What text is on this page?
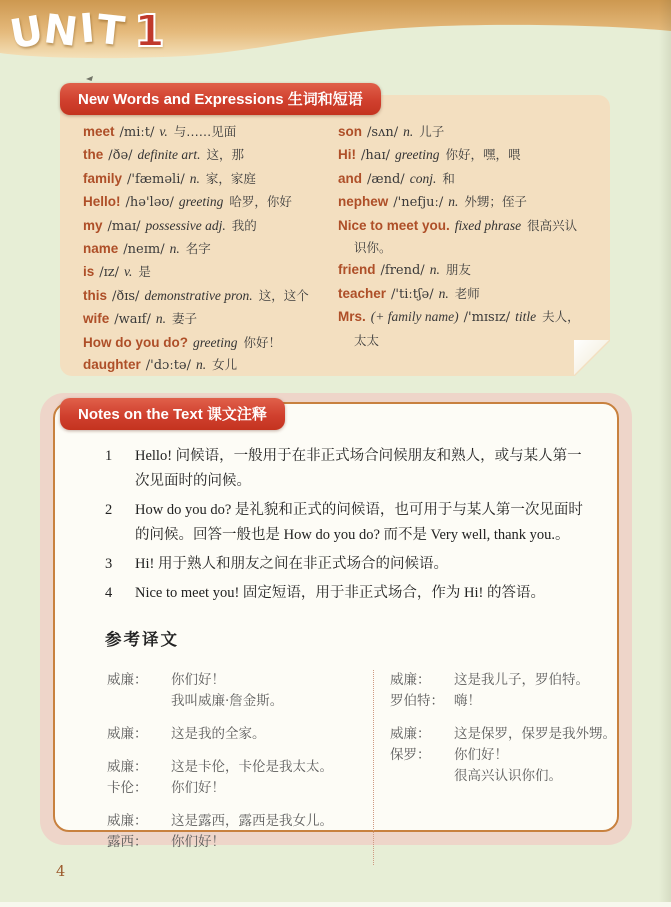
UNIT 1
New Words and Expressions 生词和短语
meet /miːt/ v. 与……见面
the /ðə/ definite art. 这，那
family /'fæməli/ n. 家，家庭
Hello! /hə'ləʊ/ greeting 哈罗，你好
my /maɪ/ possessive adj. 我的
name /neɪm/ n. 名字
is /ɪz/ v. 是
this /ðɪs/ demonstrative pron. 这，这个
wife /waɪf/ n. 妻子
How do you do? greeting 你好！
daughter /'dɔːtə/ n. 女儿
son /sʌn/ n. 儿子
Hi! /haɪ/ greeting 你好，嘿，喂
and /ænd/ conj. 和
nephew /'nefjuː/ n. 外甥；侄子
Nice to meet you. fixed phrase 很高兴认
识你。
friend /frend/ n. 朋友
teacher /'tiːtʃə/ n. 老师
Mrs. (+ family name) /'mɪsɪz/ title 夫人，
太太
Notes on the Text 课文注释
1	Hello! 问候语，一般用于在非正式场合问候朋友和熟人，或与某人第一次见面时的问候。
2	How do you do? 是礼貌和正式的问候语，也可用于与某人第一次见面时的问候。回答一般也是 How do you do? 而不是 Very well, thank you.。
3	Hi! 用于熟人和朋友之间在非正式场合的问候语。
4	Nice to meet you! 固定短语，用于非正式场合，作为 Hi! 的答语。
参考译文
威廉：	你们好！
我叫威廉·詹金斯。
威廉：	这是我的全家。
威廉：	这是卡伦，卡伦是我太太。
卡伦：	你们好！
威廉：	这是露西，露西是我女儿。
露西：	你们好！
威廉：	这是我儿子，罗伯特。
罗伯特： 嗨！
威廉：	这是保罗，保罗是我外甥。
保罗：	你们好！
很高兴认识你们。
4
